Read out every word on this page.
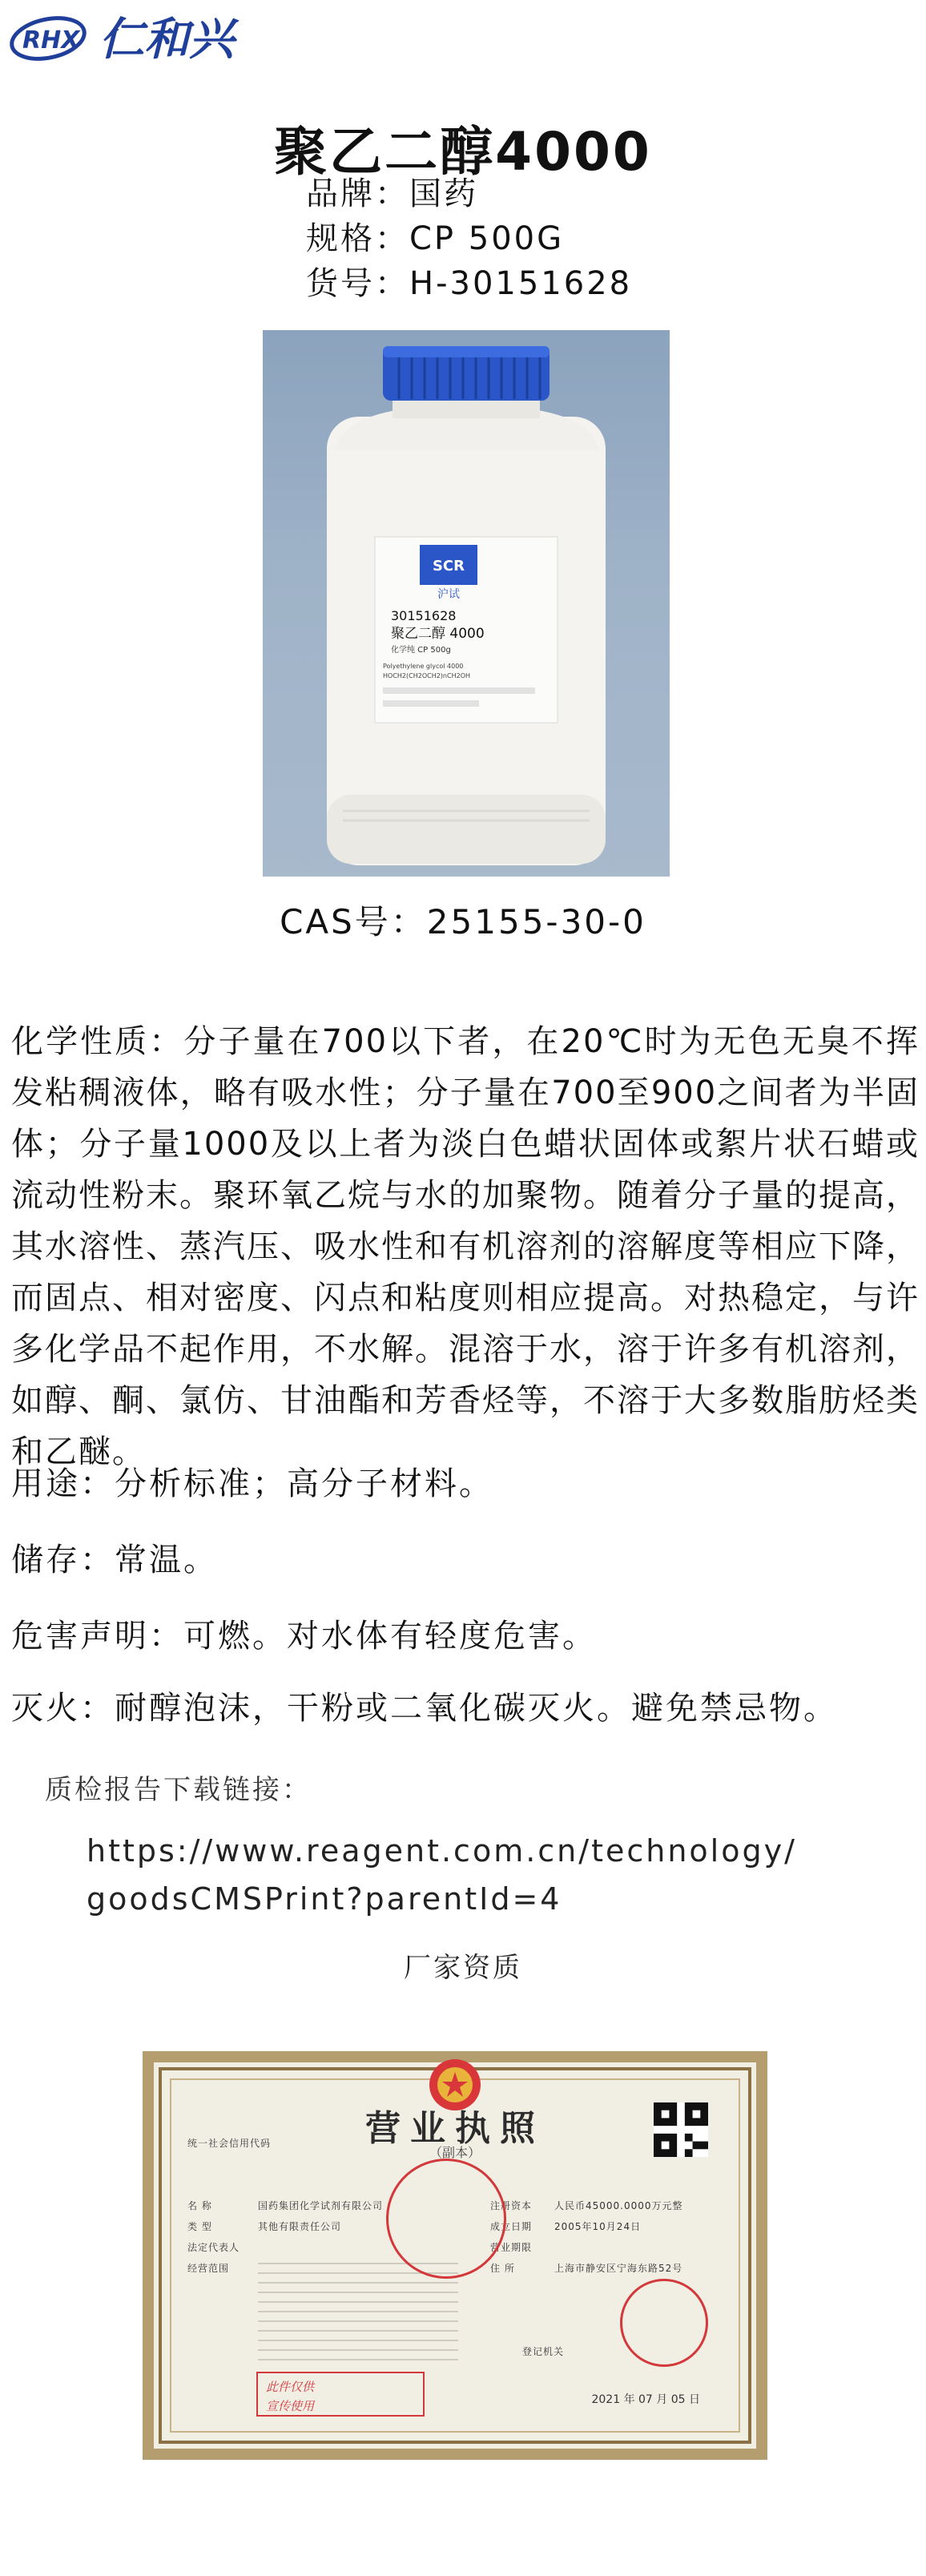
RHX 仁和兴
聚乙二醇4000
品牌：国药
规格：CP 500G
货号：H-30151628
SCR
沪试
30151628
聚乙二醇 4000
化学纯 CP 500g
Polyethylene glycol 4000
HOCH2(CH2OCH2)nCH2OH
CAS号：25155-30-0
化学性质：分子量在700以下者，在20℃时为无色无臭不挥发粘稠液体，略有吸水性；分子量在700至900之间者为半固体；分子量1000及以上者为淡白色蜡状固体或絮片状石蜡或流动性粉末。聚环氧乙烷与水的加聚物。随着分子量的提高，其水溶性、蒸汽压、吸水性和有机溶剂的溶解度等相应下降，而固点、相对密度、闪点和粘度则相应提高。对热稳定，与许多化学品不起作用，不水解。混溶于水，溶于许多有机溶剂，如醇、酮、氯仿、甘油酯和芳香烃等，不溶于大多数脂肪烃类和乙醚。
用途：分析标准；高分子材料。
储存：常温。
危害声明：可燃。对水体有轻度危害。
灭火：耐醇泡沫，干粉或二氧化碳灭火。避免禁忌物。
质检报告下载链接：
https://www.reagent.com.cn/technology/
goodsCMSPrint?parentId=4
厂家资质
营业执照
（副本）
统一社会信用代码
名 称	国药集团化学试剂有限公司
类 型	其他有限责任公司
法定代表人
经营范围
注册资本 人民币45000.0000万元整
成立日期 2005年10月24日
营业期限
住 所	上海市静安区宁海东路52号
登记机关
此件仅供
宣传使用	2021 年 07 月 05 日
